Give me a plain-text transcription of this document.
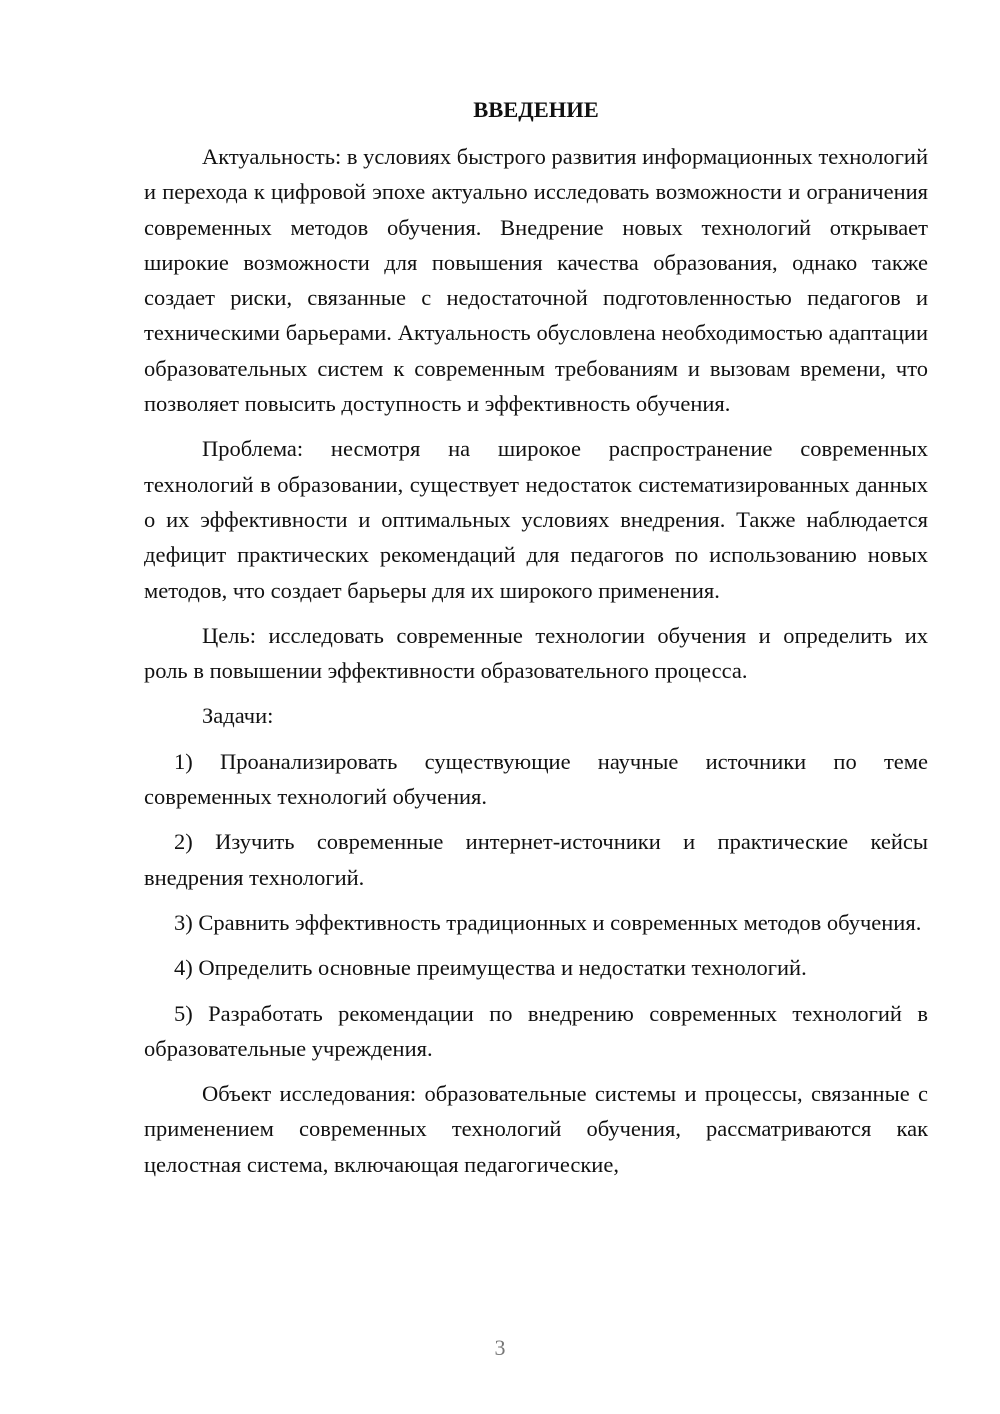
ВВЕДЕНИЕ

Актуальность: в условиях быстрого развития информационных технологий и перехода к цифровой эпохе актуально исследовать возможности и ограничения современных методов обучения. Внедрение новых технологий открывает широкие возможности для повышения качества образования, однако также создает риски, связанные с недостаточной подготовленностью педагогов и техническими барьерами. Актуальность обусловлена необходимостью адаптации образовательных систем к современным требованиям и вызовам времени, что позволяет повысить доступность и эффективность обучения.

Проблема: несмотря на широкое распространение современных технологий в образовании, существует недостаток систематизированных данных о их эффективности и оптимальных условиях внедрения. Также наблюдается дефицит практических рекомендаций для педагогов по использованию новых методов, что создает барьеры для их широкого применения.

Цель: исследовать современные технологии обучения и определить их роль в повышении эффективности образовательного процесса.

Задачи:

1) Проанализировать существующие научные источники по теме современных технологий обучения.

2) Изучить современные интернет-источники и практические кейсы внедрения технологий.

3) Сравнить эффективность традиционных и современных методов обучения.

4) Определить основные преимущества и недостатки технологий.

5) Разработать рекомендации по внедрению современных технологий в образовательные учреждения.

Объект исследования: образовательные системы и процессы, связанные с применением современных технологий обучения, рассматриваются как целостная система, включающая педагогические,

3
